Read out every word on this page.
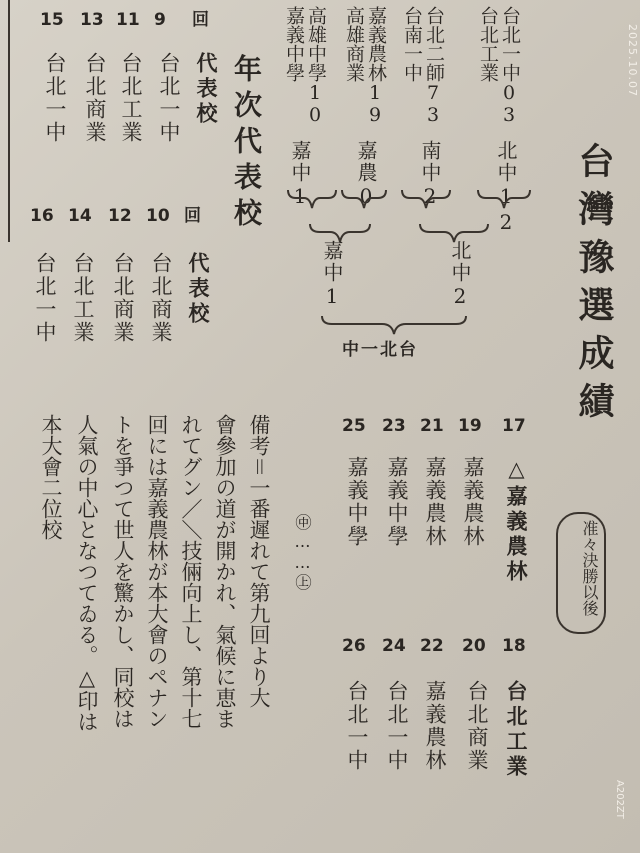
2025.10.07
台灣豫選成績
准々決勝以後
台北一中
03
台北工業
台北二師
73
台南一中
嘉義農林
19
高雄商業
高雄中學
10
嘉義中學
北中12
南中2
嘉農0
嘉中1
北中2
嘉中1
中一北台
年次代表校
15
台北一中
13
台北商業
11
台北工業
9
台北一中
回
代表校
16
台北一中
14
台北工業
12
台北商業
10
台北商業
回
代表校
25
嘉義中學
23
嘉義中學
21
嘉義農林
19
嘉義農林
17
△嘉義農林
26
台北一中
24
台北一中
22
嘉義農林
20
台北商業
18
台北工業
㊥……㊤
備考＝一番遲れて第九回より大
會參加の道が開かれ、氣候に恵ま
れてグン／＼技倆向上し、第十七
回には嘉義農林が本大會のペナン
トを爭つて世人を驚かし、同校は
人氣の中心となつてゐる。△印は
本大會二位校
A202ZT
